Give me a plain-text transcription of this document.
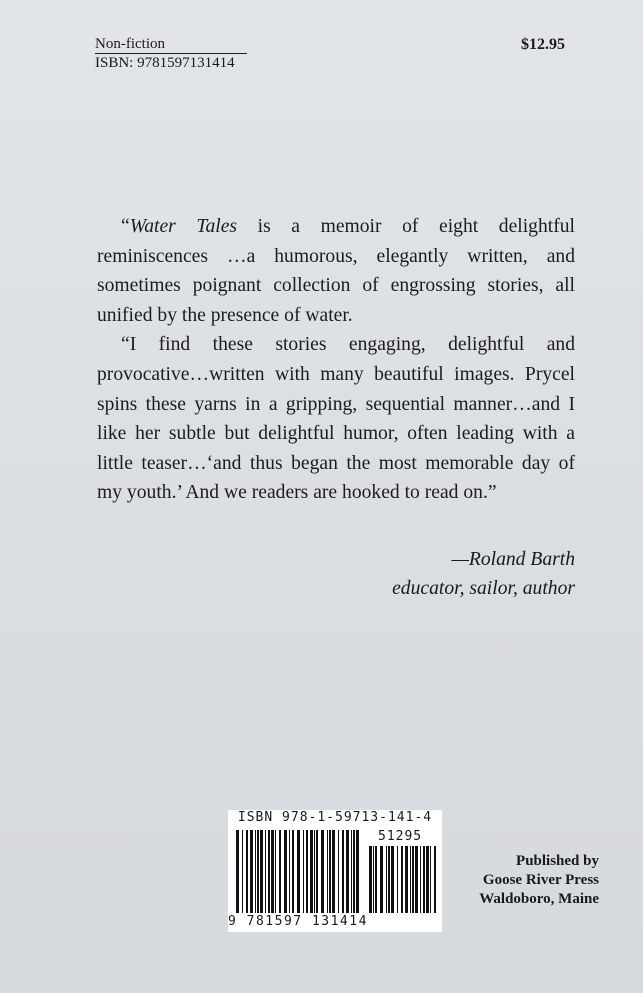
Non-fiction
ISBN: 9781597131414
$12.95

“Water Tales is a memoir of eight delightful reminiscences …a humorous, elegantly written, and sometimes poignant collection of engrossing stories, all unified by the presence of water.

“I find these stories engaging, delightful and provocative…written with many beautiful images. Prycel spins these yarns in a gripping, sequential manner…and I like her subtle but delightful humor, often leading with a little teaser…‘and thus began the most memorable day of my youth.’ And we readers are hooked to read on.”

—Roland Barth
educator, sailor, author
ISBN 978-1-59713-141-4
51295
9 781597 131414
Published by
Goose River Press
Waldoboro, Maine
